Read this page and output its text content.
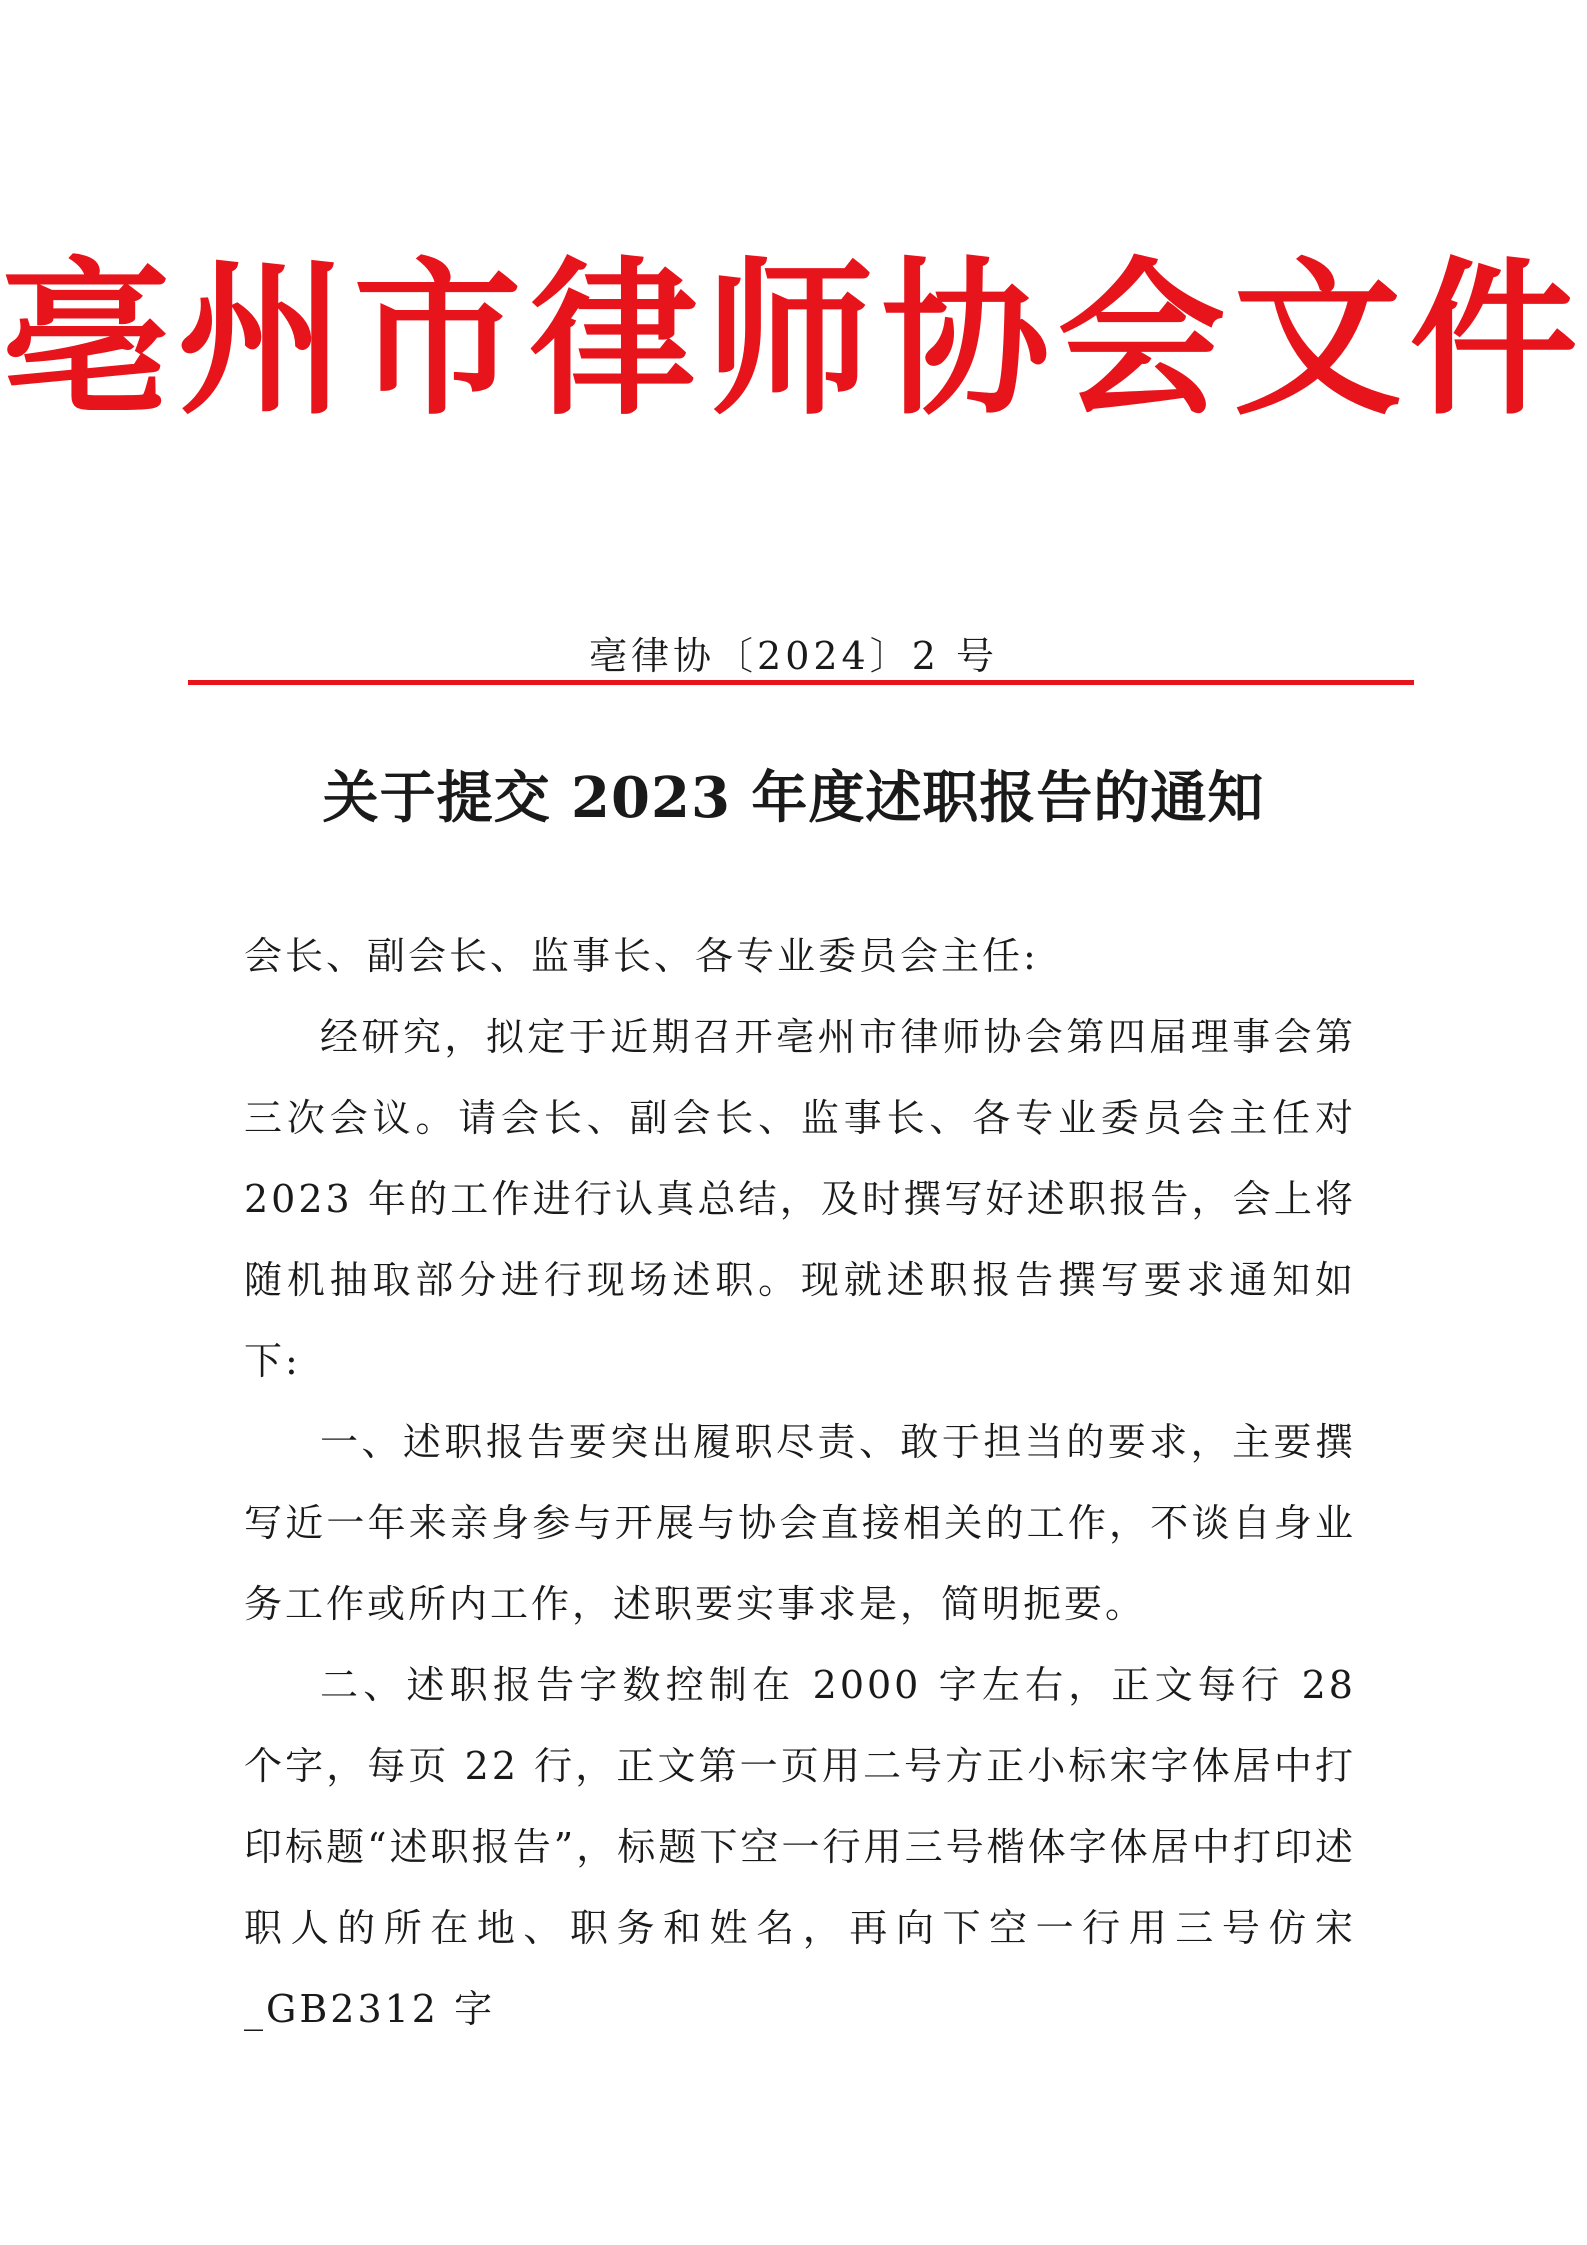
亳州市律师协会文件
亳律协〔2024〕2 号
关于提交 2023 年度述职报告的通知

会长、副会长、监事长、各专业委员会主任:

经研究，拟定于近期召开亳州市律师协会第四届理事会第三次会议。请会长、副会长、监事长、各专业委员会主任对 2023 年的工作进行认真总结，及时撰写好述职报告，会上将随机抽取部分进行现场述职。现就述职报告撰写要求通知如下:

一、述职报告要突出履职尽责、敢于担当的要求，主要撰写近一年来亲身参与开展与协会直接相关的工作，不谈自身业务工作或所内工作，述职要实事求是，简明扼要。

二、述职报告字数控制在 2000 字左右，正文每行 28 个字，每页 22 行，正文第一页用二号方正小标宋字体居中打印标题“述职报告”，标题下空一行用三号楷体字体居中打印述职人的所在地、职务和姓名，再向下空一行用三号仿宋_GB2312 字
